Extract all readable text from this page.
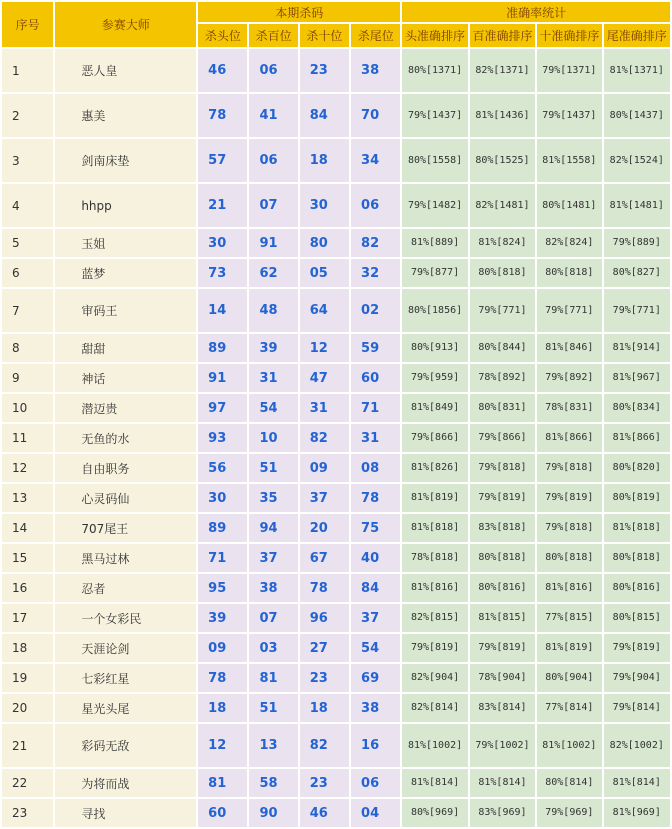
序号	参赛大师	本期杀码				准确率统计			
		杀头位	杀百位	杀十位	杀尾位	头准确排序	百准确排序	十准确排序	尾准确排序
1	恶人皇	46	06	23	38	80%[1371]	82%[1371]	79%[1371]	81%[1371]
2	惠美	78	41	84	70	79%[1437]	81%[1436]	79%[1437]	80%[1437]
3	剑南床垫	57	06	18	34	80%[1558]	80%[1525]	81%[1558]	82%[1524]
4	hhpp	21	07	30	06	79%[1482]	82%[1481]	80%[1481]	81%[1481]
5	玉姐	30	91	80	82	81%[889]	81%[824]	82%[824]	79%[889]
6	蓝梦	73	62	05	32	79%[877]	80%[818]	80%[818]	80%[827]
7	审码王	14	48	64	02	80%[1856]	79%[771]	79%[771]	79%[771]
8	甜甜	89	39	12	59	80%[913]	80%[844]	81%[846]	81%[914]
9	神话	91	31	47	60	79%[959]	78%[892]	79%[892]	81%[967]
10	潜迈贵	97	54	31	71	81%[849]	80%[831]	78%[831]	80%[834]
11	无鱼的水	93	10	82	31	79%[866]	79%[866]	81%[866]	81%[866]
12	自由职务	56	51	09	08	81%[826]	79%[818]	79%[818]	80%[820]
13	心灵码仙	30	35	37	78	81%[819]	79%[819]	79%[819]	80%[819]
14	707尾王	89	94	20	75	81%[818]	83%[818]	79%[818]	81%[818]
15	黑马过林	71	37	67	40	78%[818]	80%[818]	80%[818]	80%[818]
16	忍者	95	38	78	84	81%[816]	80%[816]	81%[816]	80%[816]
17	一个女彩民	39	07	96	37	82%[815]	81%[815]	77%[815]	80%[815]
18	天涯论剑	09	03	27	54	79%[819]	79%[819]	81%[819]	79%[819]
19	七彩红星	78	81	23	69	82%[904]	78%[904]	80%[904]	79%[904]
20	星光头尾	18	51	18	38	82%[814]	83%[814]	77%[814]	79%[814]
21	彩码无敌	12	13	82	16	81%[1002]	79%[1002]	81%[1002]	82%[1002]
22	为将而战	81	58	23	06	81%[814]	81%[814]	80%[814]	81%[814]
23	寻找	60	90	46	04	80%[969]	83%[969]	79%[969]	81%[969]
